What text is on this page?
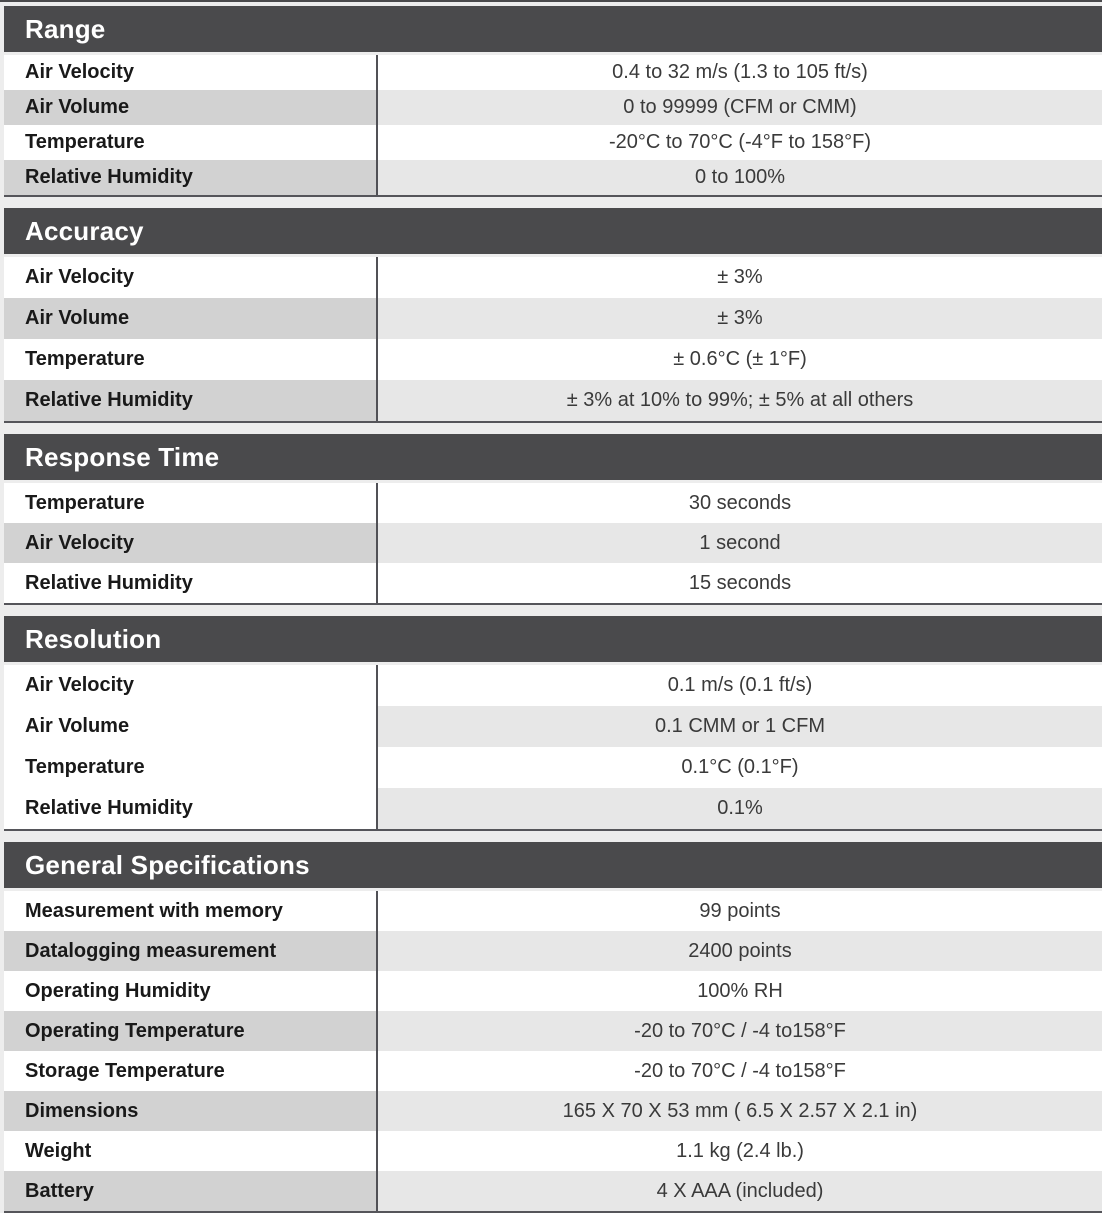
Range
Air Velocity	0.4 to 32 m/s (1.3 to 105 ft/s)
Air Volume	0 to 99999 (CFM or CMM)
Temperature	-20°C to 70°C (-4°F to 158°F)
Relative Humidity	0 to 100%
Accuracy
Air Velocity	± 3%
Air Volume	± 3%
Temperature	± 0.6°C (± 1°F)
Relative Humidity	± 3% at 10% to 99%; ± 5% at all others
Response Time
Temperature	30 seconds
Air Velocity	1 second
Relative Humidity	15 seconds
Resolution
Air Velocity	0.1 m/s (0.1 ft/s)
Air Volume	0.1 CMM or 1 CFM
Temperature	0.1°C (0.1°F)
Relative Humidity	0.1%
General Specifications
Measurement with memory	99 points
Datalogging measurement	2400 points
Operating Humidity	100% RH
Operating Temperature	-20 to 70°C / -4 to158°F
Storage Temperature	-20 to 70°C / -4 to158°F
Dimensions	165 X 70 X 53 mm ( 6.5 X 2.57 X 2.1 in)
Weight	1.1 kg (2.4 lb.)
Battery	4 X AAA (included)
